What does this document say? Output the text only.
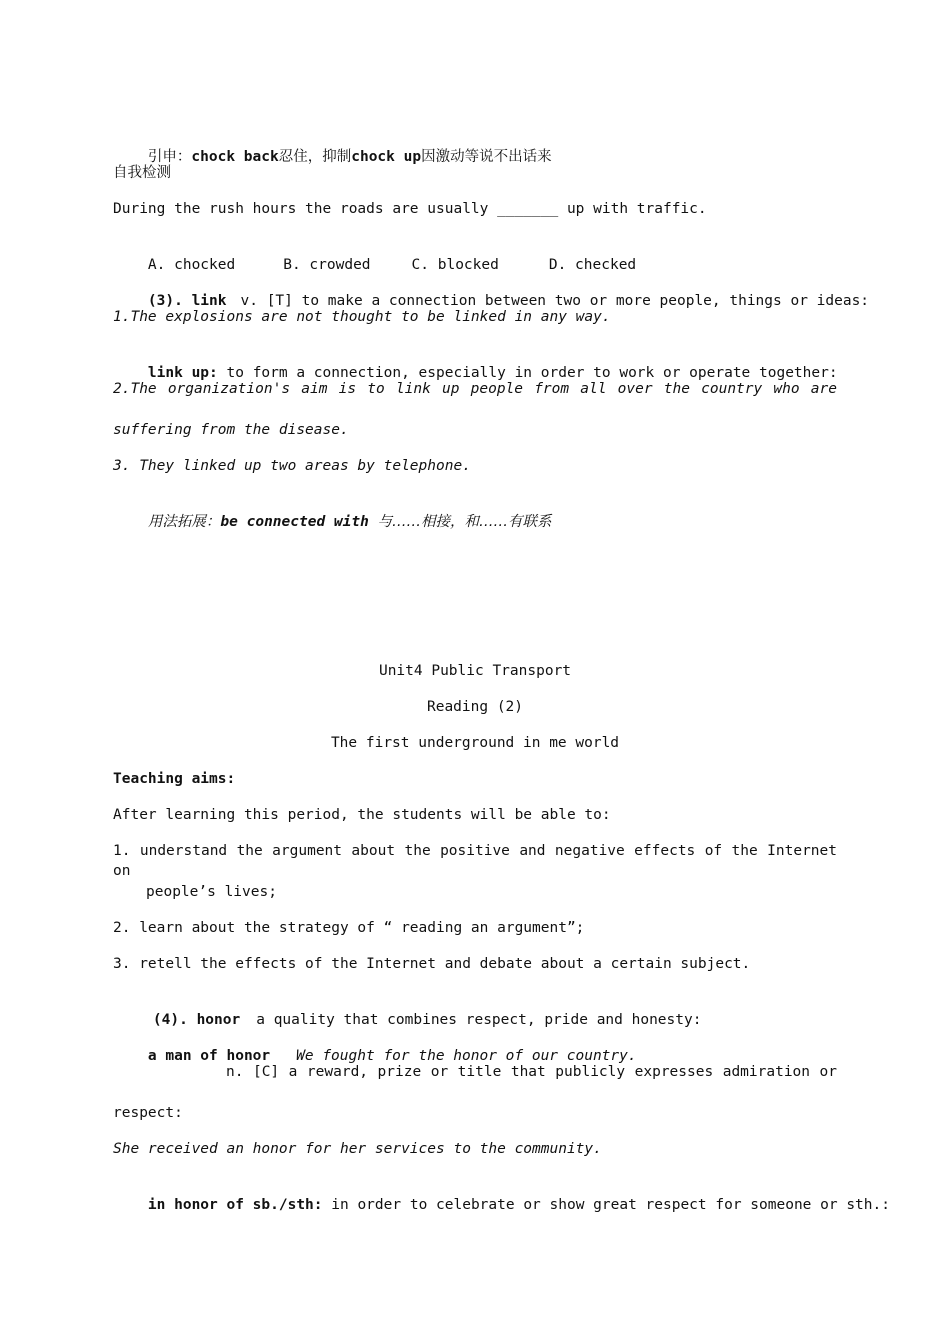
引申：chock back忍住，抑制chock up因激动等说不出话来

自我检测
During the rush hours the roads are usually _______ up with traffic.

A. chocked	B. crowded	C. blocked	D. checked

(3). link v. [T] to make a connection between two or more people, things or ideas:

1.The explosions are not thought to be linked in any way.

link up: to form a connection, especially in order to work or operate together:

2.The organization's aim is to link up people from all over the country who are
suffering from the disease.
3. They linked up two areas by telephone.

用法拓展：be connected with 与……相接，和……有联系

Unit4 Public Transport
Reading (2)
The first underground in me world
Teaching aims:
After learning this period, the students will be able to:
1. understand the argument about the positive and negative effects of the Internet on
people’s lives;
2. learn about the strategy of “ reading an argument”;
3. retell the effects of the Internet and debate about a certain subject.

(4). honor a quality that combines respect, pride and honesty:

a man of honor We fought for the honor of our country.

n. [C] a reward, prize or title that publicly expresses admiration or
respect:
She received an honor for her services to the community.

in honor of sb./sth: in order to celebrate or show great respect for someone or sth.:
